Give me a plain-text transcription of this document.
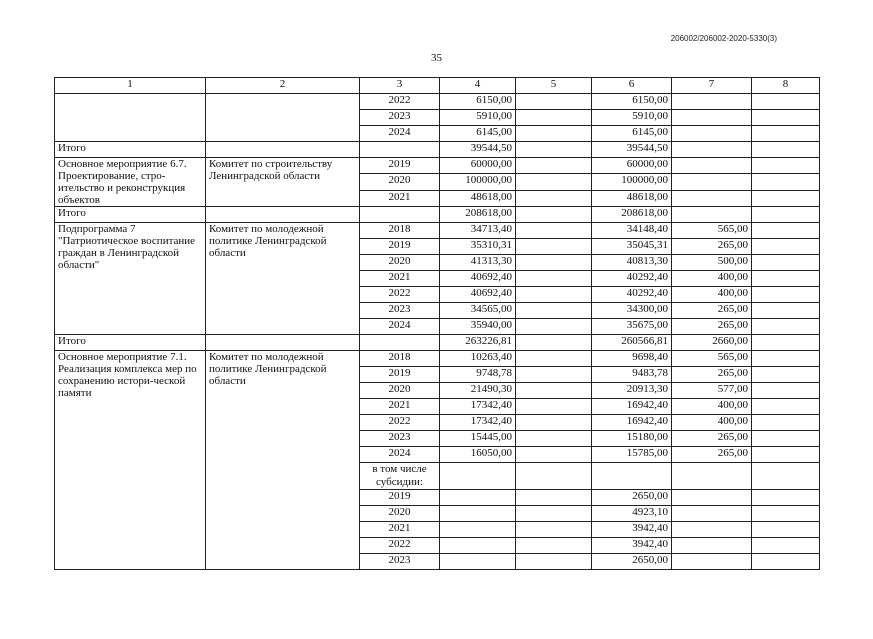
206002/206002-2020-5330(3)
35
1	2	3	4	5	6	7	8
		2022	6150,00		6150,00		
		2023	5910,00		5910,00		
		2024	6145,00		6145,00		
Итого			39544,50		39544,50		
Основное мероприятие 6.7. Проектирование, стро-ительство и реконструкция объектов	Комитет по строительству Ленинградской области	2019	60000,00		60000,00		
		2020	100000,00		100000,00		
		2021	48618,00		48618,00		
Итого			208618,00		208618,00		
Подпрограмма 7 "Патриотическое воспитание граждан в Ленинградской области"	Комитет по молодежной политике Ленинградской области	2018	34713,40		34148,40	565,00	
		2019	35310,31		35045,31	265,00	
		2020	41313,30		40813,30	500,00	
		2021	40692,40		40292,40	400,00	
		2022	40692,40		40292,40	400,00	
		2023	34565,00		34300,00	265,00	
		2024	35940,00		35675,00	265,00	
Итого			263226,81		260566,81	2660,00	
Основное мероприятие 7.1. Реализация комплекса мер по сохранению истори-ческой памяти	Комитет по молодежной политике Ленинградской области	2018	10263,40		9698,40	565,00	
		2019	9748,78		9483,78	265,00	
		2020	21490,30		20913,30	577,00	
		2021	17342,40		16942,40	400,00	
		2022	17342,40		16942,40	400,00	
		2023	15445,00		15180,00	265,00	
		2024	16050,00		15785,00	265,00	
		в том числе субсидии:					
		2019			2650,00		
		2020			4923,10		
		2021			3942,40		
		2022			3942,40		
		2023			2650,00		
